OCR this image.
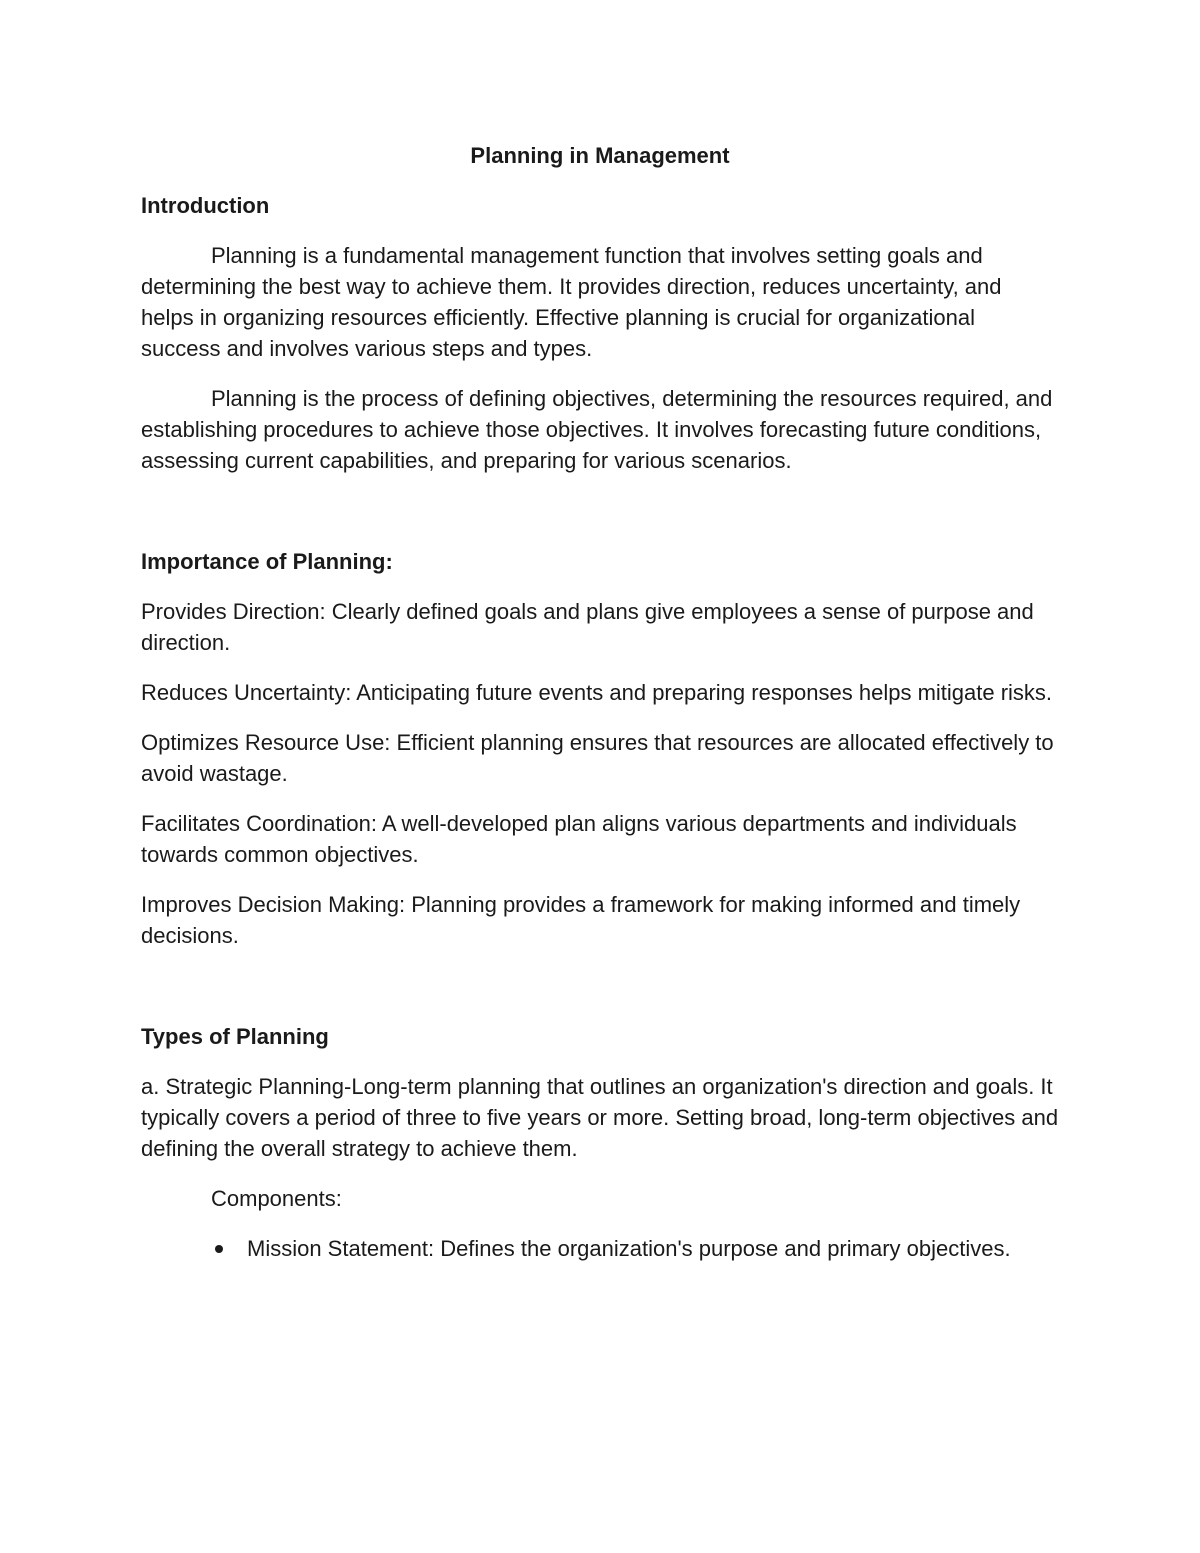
Planning in Management
Introduction

Planning is a fundamental management function that involves setting goals and determining the best way to achieve them. It provides direction, reduces uncertainty, and helps in organizing resources efficiently. Effective planning is crucial for organizational success and involves various steps and types.

Planning is the process of defining objectives, determining the resources required, and establishing procedures to achieve those objectives. It involves forecasting future conditions, assessing current capabilities, and preparing for various scenarios.

Importance of Planning:

Provides Direction: Clearly defined goals and plans give employees a sense of purpose and direction.

Reduces Uncertainty: Anticipating future events and preparing responses helps mitigate risks.

Optimizes Resource Use: Efficient planning ensures that resources are allocated effectively to avoid wastage.

Facilitates Coordination: A well-developed plan aligns various departments and individuals towards common objectives.

Improves Decision Making: Planning provides a framework for making informed and timely decisions.

Types of Planning

a. Strategic Planning-Long-term planning that outlines an organization's direction and goals. It typically covers a period of three to five years or more. Setting broad, long-term objectives and defining the overall strategy to achieve them.

Components:
Mission Statement: Defines the organization's purpose and primary objectives.
